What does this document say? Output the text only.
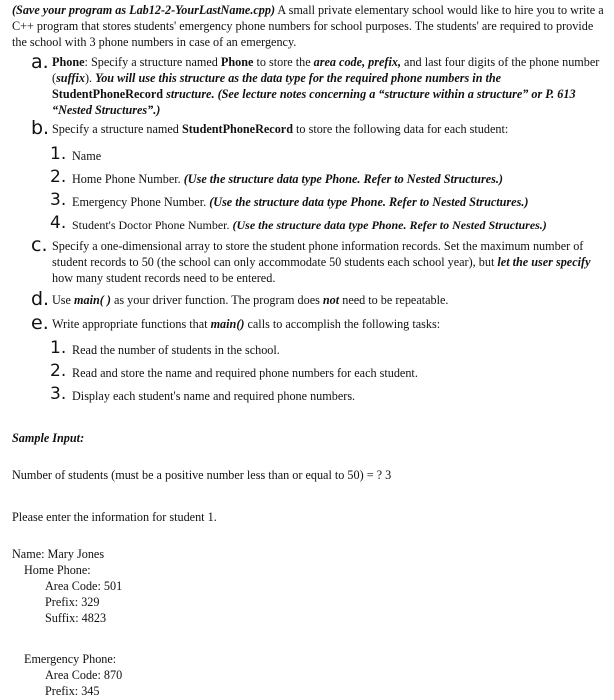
(Save your program as Lab12-2-YourLastName.cpp) A small private elementary school would like to hire you to write a C++ program that stores students' emergency phone numbers for school purposes. The students' are required to provide the school with 3 phone numbers in case of an emergency.
a. Phone: Specify a structure named Phone to store the area code, prefix, and last four digits of the phone number (suffix). You will use this structure as the data type for the required phone numbers in the StudentPhoneRecord structure. (See lecture notes concerning a “structure within a structure” or P. 613 “Nested Structures”.)
b. Specify a structure named StudentPhoneRecord to store the following data for each student:
1. Name
2. Home Phone Number. (Use the structure data type Phone. Refer to Nested Structures.)
3. Emergency Phone Number. (Use the structure data type Phone. Refer to Nested Structures.)
4. Student's Doctor Phone Number. (Use the structure data type Phone. Refer to Nested Structures.)
c. Specify a one-dimensional array to store the student phone information records. Set the maximum number of student records to 50 (the school can only accommodate 50 students each school year), but let the user specify how many student records need to be entered.
d. Use main( ) as your driver function. The program does not need to be repeatable.
e. Write appropriate functions that main() calls to accomplish the following tasks:
1. Read the number of students in the school.
2. Read and store the name and required phone numbers for each student.
3. Display each student's name and required phone numbers.
Sample Input:
Number of students (must be a positive number less than or equal to 50) = ? 3
Please enter the information for student 1.
Name: Mary Jones
Home Phone:
Area Code: 501
Prefix: 329
Suffix: 4823
Emergency Phone:
Area Code: 870
Prefix: 345
